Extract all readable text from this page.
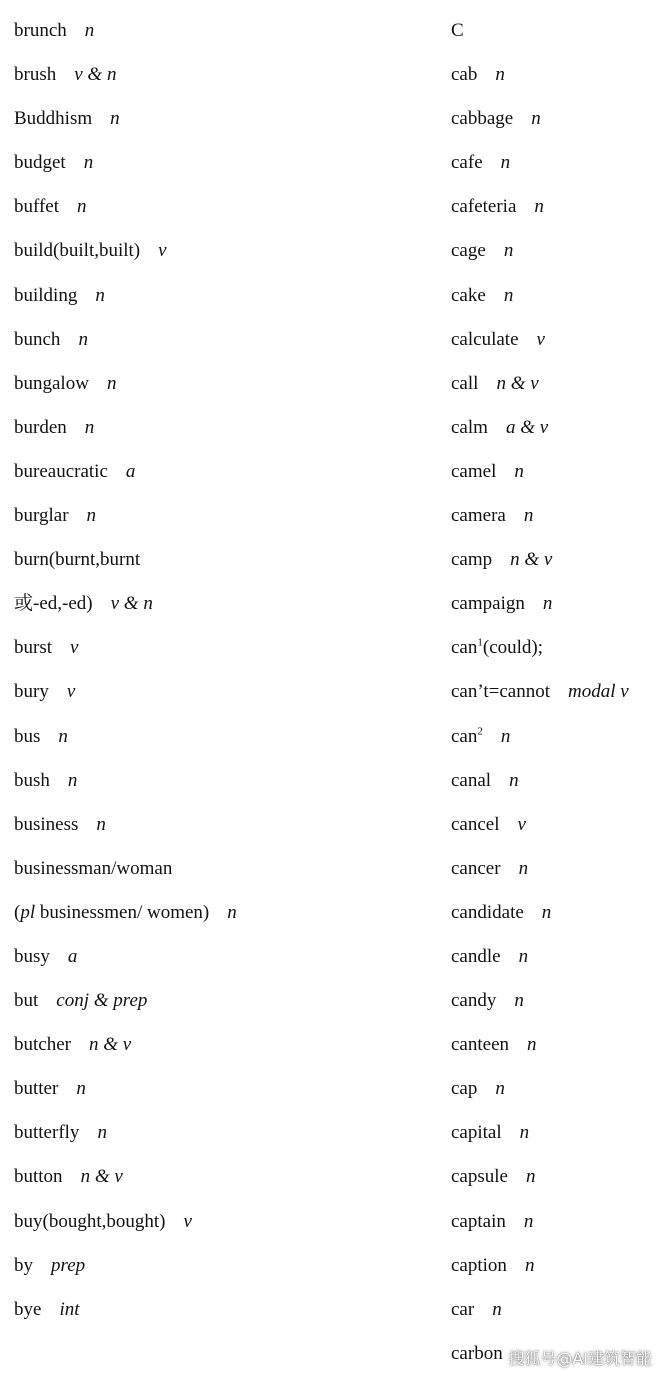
brunch n
brush v & n
Buddhism n
budget n
buffet n
build(built,built) v
building n
bunch n
bungalow n
burden n
bureaucratic a
burglar n
burn(burnt,burnt
或-ed,-ed) v & n
burst v
bury v
bus n
bush n
business n
businessman/woman
(pl businessmen/ women) n
busy a
but conj & prep
butcher n & v
butter n
butterfly n
button n & v
buy(bought,bought) v
by prep
bye int
C
cab n
cabbage n
cafe n
cafeteria n
cage n
cake n
calculate v
call n & v
calm a & v
camel n
camera n
camp n & v
campaign n
can$^1$(could);
can’t=cannot modal v
can$^2$ n
canal n
cancel v
cancer n
candidate n
candle n
candy n
canteen n
cap n
capital n
capsule n
captain n
caption n
car n
carbon 搜狐号@AI建筑智能
